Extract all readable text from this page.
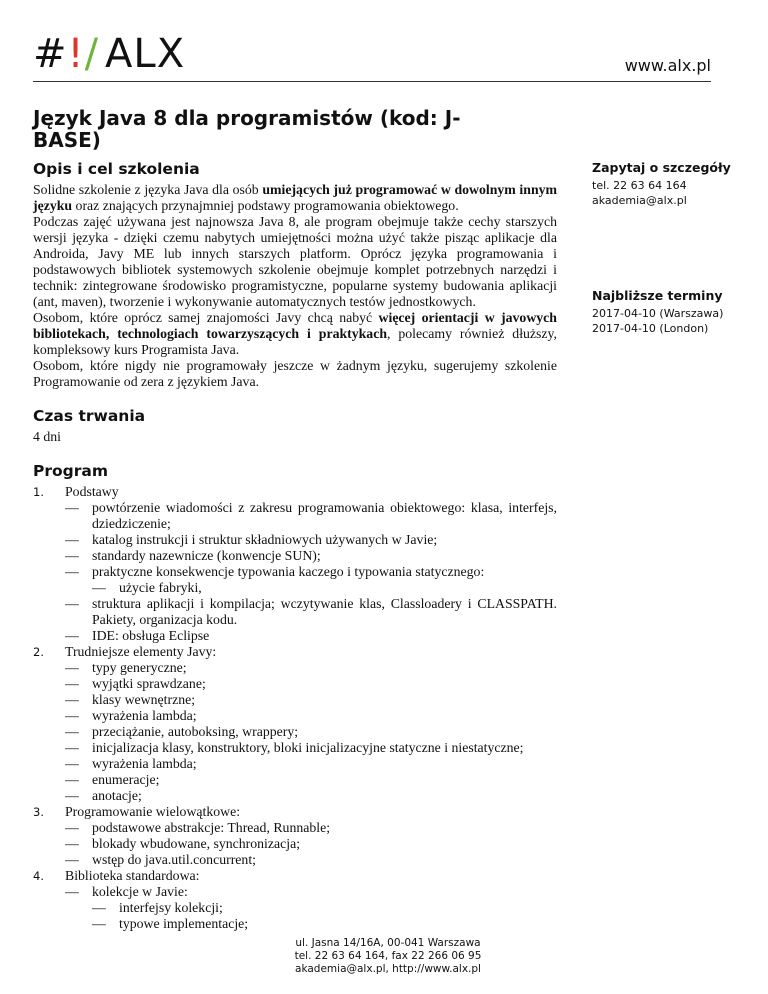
#!/ ALX	www.alx.pl
Język Java 8 dla programistów (kod: J-BASE)
Opis i cel szkolenia

Solidne szkolenie z języka Java dla osób umiejących już programować w dowolnym innym języku oraz znających przynajmniej podstawy programowania obiektowego.

Podczas zajęć używana jest najnowsza Java 8, ale program obejmuje także cechy starszych wersji języka - dzięki czemu nabytych umiejętności można użyć także pisząc aplikacje dla Androida, Javy ME lub innych starszych platform. Oprócz języka programowania i podstawowych bibliotek systemowych szkolenie obejmuje komplet potrzebnych narzędzi i technik: zintegrowane środowisko programistyczne, popularne systemy budowania aplikacji (ant, maven), tworzenie i wykonywanie automatycznych testów jednostkowych.

Osobom, które oprócz samej znajomości Javy chcą nabyć więcej orientacji w javowych bibliotekach, technologiach towarzyszących i praktykach, polecamy również dłuższy, kompleksowy kurs Programista Java.

Osobom, które nigdy nie programowały jeszcze w żadnym języku, sugerujemy szkolenie Programowanie od zera z językiem Java.

Czas trwania

4 dni

Program
1. Podstawy
— powtórzenie wiadomości z zakresu programowania obiektowego: klasa, interfejs, dziedziczenie;
— katalog instrukcji i struktur składniowych używanych w Javie;
— standardy nazewnicze (konwencje SUN);
— praktyczne konsekwencje typowania kaczego i typowania statycznego:
— użycie fabryki,
— struktura aplikacji i kompilacja; wczytywanie klas, Classloadery i CLASSPATH. Pakiety, organizacja kodu.
— IDE: obsługa Eclipse
2. Trudniejsze elementy Javy:
— typy generyczne;
— wyjątki sprawdzane;
— klasy wewnętrzne;
— wyrażenia lambda;
— przeciążanie, autoboksing, wrappery;
— inicjalizacja klasy, konstruktory, bloki inicjalizacyjne statyczne i niestatyczne;
— wyrażenia lambda;
— enumeracje;
— anotacje;
3. Programowanie wielowątkowe:
— podstawowe abstrakcje: Thread, Runnable;
— blokady wbudowane, synchronizacja;
— wstęp do java.util.concurrent;
4. Biblioteka standardowa:
— kolekcje w Javie:
— interfejsy kolekcji;
— typowe implementacje;
Zapytaj o szczegóły
tel. 22 63 64 164
akademia@alx.pl
Najbliższe terminy
2017-04-10 (Warszawa)
2017-04-10 (London)
ul. Jasna 14/16A, 00-041 Warszawa
tel. 22 63 64 164, fax 22 266 06 95
akademia@alx.pl, http://www.alx.pl
